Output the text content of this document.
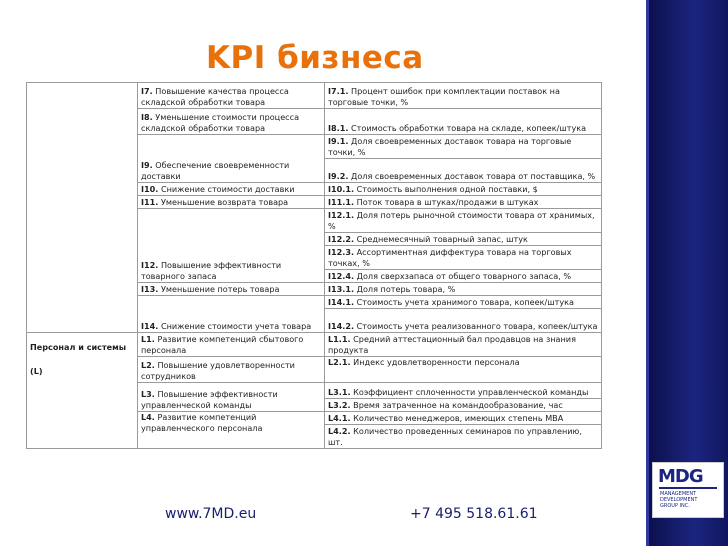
KPI бизнеса
	I7. Повышение качества процесса складской обработки товара	I7.1. Процент ошибок при комплектации поставок на торговые точки, %
	I8. Уменьшение стоимости процесса складской обработки товара	I8.1. Стоимость обработки товара на складе, копеек/штука
	I9. Обеспечение своевременности доставки	I9.1. Доля своевременных доставок товара на торговые точки, %
		I9.2. Доля своевременных доставок товара от поставщика, %
	I10. Снижение стоимости доставки	I10.1. Стоимость выполнения одной поставки, $
	I11. Уменьшение возврата товара	I11.1. Поток товара в штуках/продажи в штуках
	I12. Повышение эффективности товарного запаса	I12.1. Доля потерь рыночной стоимости товара от хранимых, %
		I12.2. Среднемесячный товарный запас, штук
		I12.3. Ассортиментная диффектура товара на торговых точках, %
		I12.4. Доля сверхзапаса от общего товарного запаса, %
	I13. Уменьшение потерь товара	I13.1. Доля потерь товара, %
	I14. Снижение стоимости учета товара	I14.1. Стоимость учета хранимого товара, копеек/штука
		I14.2. Стоимость учета реализованного товара, копеек/штука

Персонал и системы
(L)	L1. Развитие компетенций сбытового персонала	L1.1. Средний аттестационный бал продавцов на знания продукта
	L2. Повышение удовлетворенности сотрудников	L2.1. Индекс удовлетворенности персонала
	L3. Повышение эффективности управленческой команды	L3.1. Коэффициент сплоченности управленческой команды
		L3.2. Время затраченное на командообразование, час
	L4. Развитие компетенций управленческого персонала	L4.1. Количество менеджеров, имеющих степень MBA
		L4.2. Количество проведенных семинаров по управлению, шт.
www.7MD.eu	+7 495 518.61.61
MDG
MANAGEMENT
DEVELOPMENT
GROUP INC.
